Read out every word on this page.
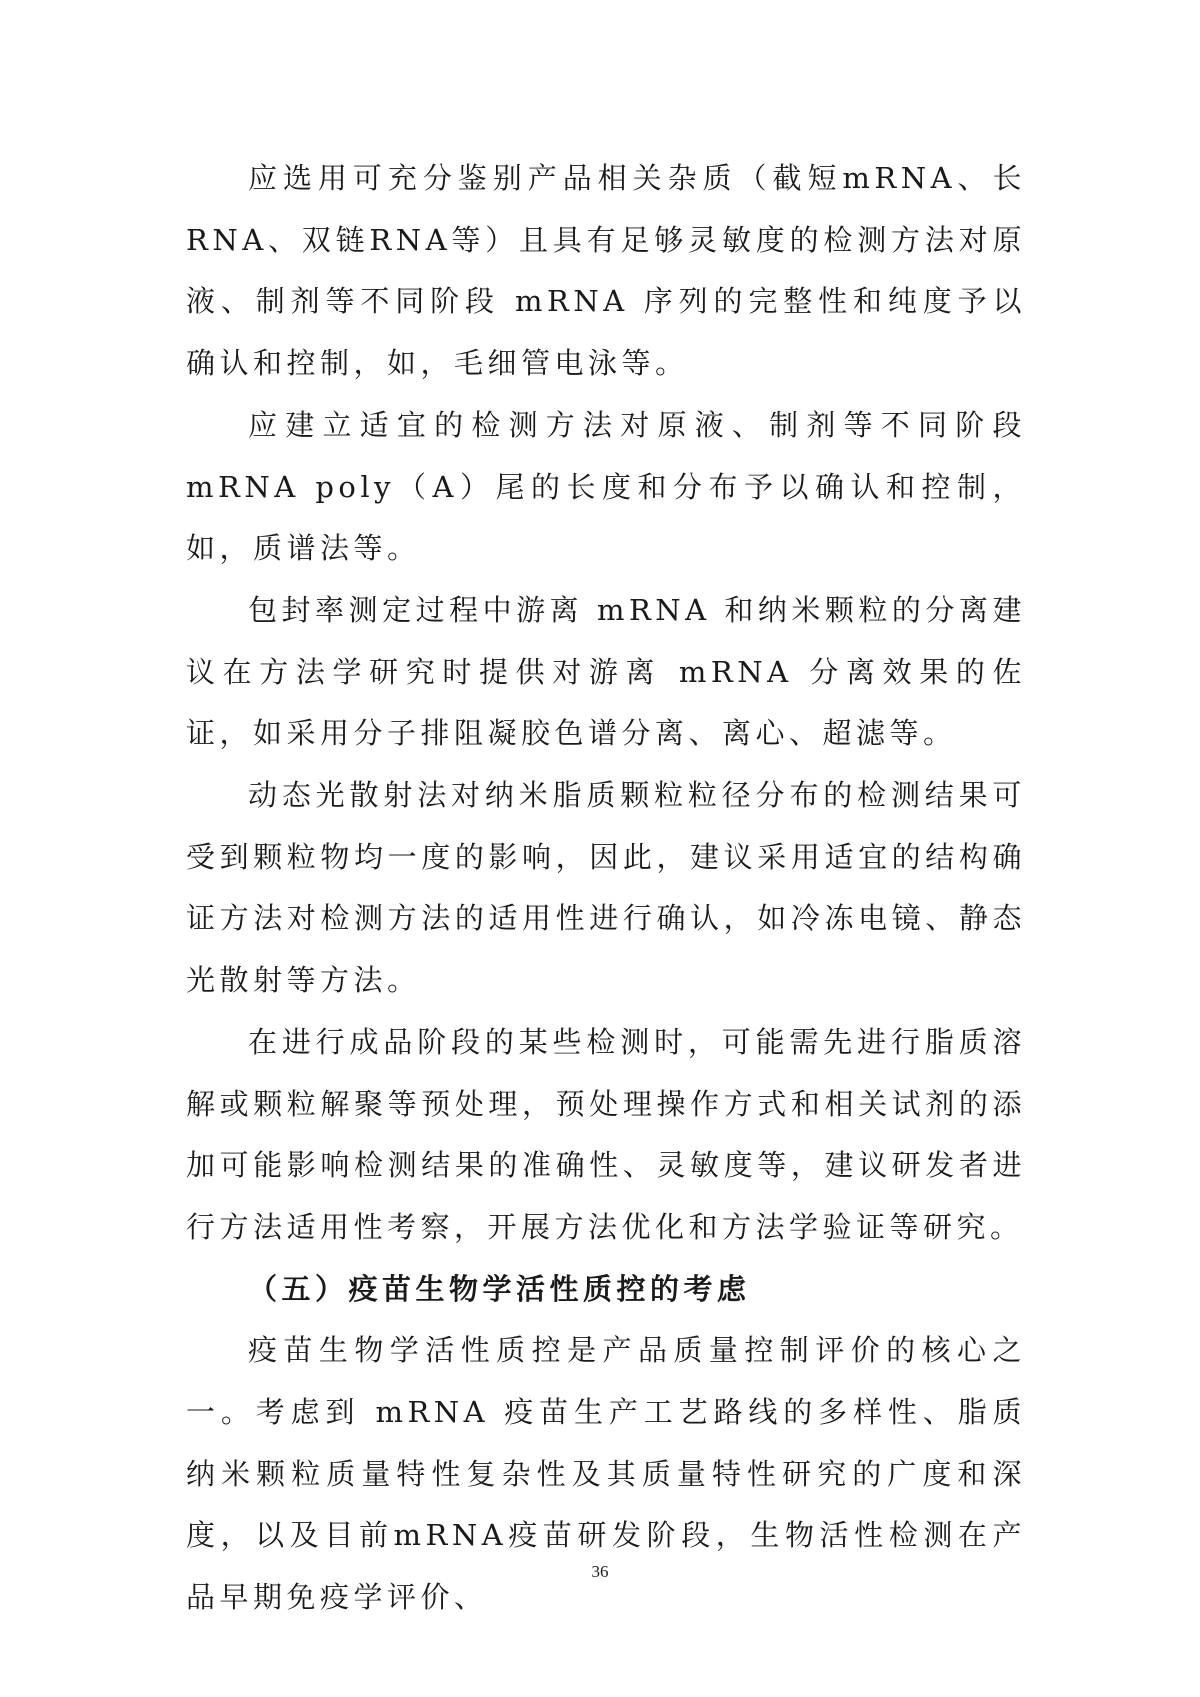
应选用可充分鉴别产品相关杂质（截短mRNA、长RNA、双链RNA等）且具有足够灵敏度的检测方法对原液、制剂等不同阶段 mRNA 序列的完整性和纯度予以确认和控制，如，毛细管电泳等。

应建立适宜的检测方法对原液、制剂等不同阶段 mRNA poly（A）尾的长度和分布予以确认和控制，如，质谱法等。

包封率测定过程中游离 mRNA 和纳米颗粒的分离建议在方法学研究时提供对游离 mRNA 分离效果的佐证，如采用分子排阻凝胶色谱分离、离心、超滤等。

动态光散射法对纳米脂质颗粒粒径分布的检测结果可受到颗粒物均一度的影响，因此，建议采用适宜的结构确证方法对检测方法的适用性进行确认，如冷冻电镜、静态光散射等方法。

在进行成品阶段的某些检测时，可能需先进行脂质溶解或颗粒解聚等预处理，预处理操作方式和相关试剂的添加可能影响检测结果的准确性、灵敏度等，建议研发者进行方法适用性考察，开展方法优化和方法学验证等研究。

（五）疫苗生物学活性质控的考虑

疫苗生物学活性质控是产品质量控制评价的核心之一。考虑到 mRNA 疫苗生产工艺路线的多样性、脂质纳米颗粒质量特性复杂性及其质量特性研究的广度和深度，以及目前mRNA疫苗研发阶段，生物活性检测在产品早期免疫学评价、

36
